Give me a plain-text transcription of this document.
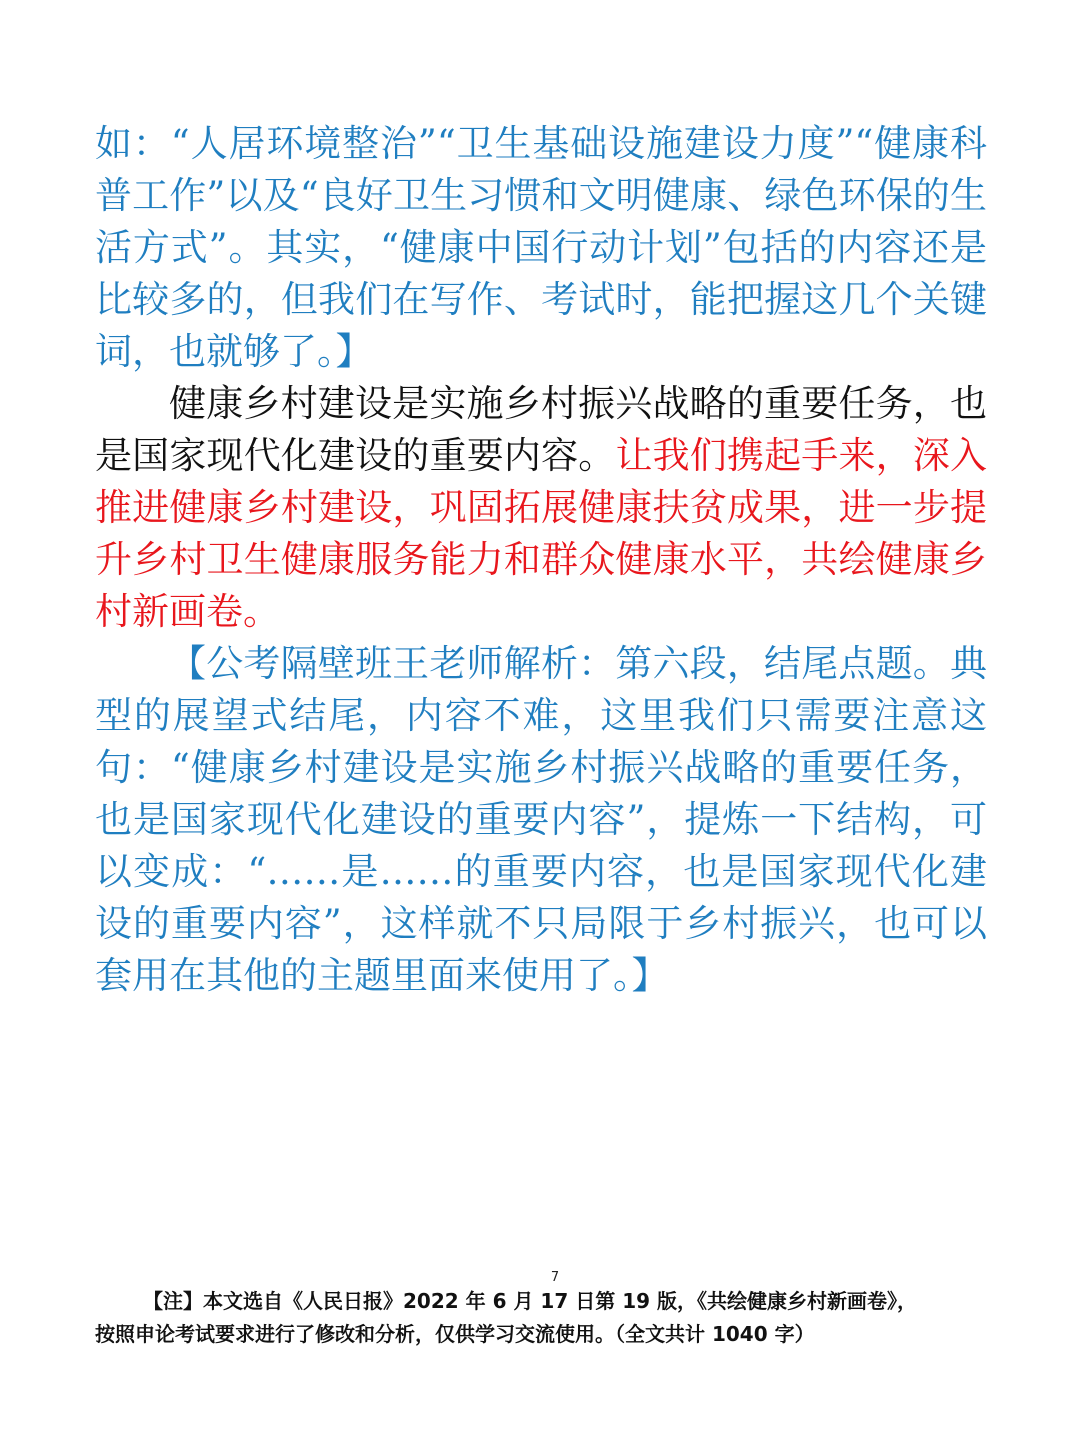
如：“人居环境整治”“卫生基础设施建设力度”“健康科普工作”以及“良好卫生习惯和文明健康、绿色环保的生活方式”。其实，“健康中国行动计划”包括的内容还是比较多的，但我们在写作、考试时，能把握这几个关键词，也就够了。】

健康乡村建设是实施乡村振兴战略的重要任务，也是国家现代化建设的重要内容。让我们携起手来，深入推进健康乡村建设，巩固拓展健康扶贫成果，进一步提升乡村卫生健康服务能力和群众健康水平，共绘健康乡村新画卷。

【公考隔壁班王老师解析：第六段，结尾点题。典型的展望式结尾，内容不难，这里我们只需要注意这句：“健康乡村建设是实施乡村振兴战略的重要任务，也是国家现代化建设的重要内容”，提炼一下结构，可以变成：“……是……的重要内容，也是国家现代化建设的重要内容”，这样就不只局限于乡村振兴，也可以套用在其他的主题里面来使用了。】

7
【注】本文选自《人民日报》2022 年 6 月 17 日第 19 版，《共绘健康乡村新画卷》，
按照申论考试要求进行了修改和分析，仅供学习交流使用。（全文共计 1040 字）
